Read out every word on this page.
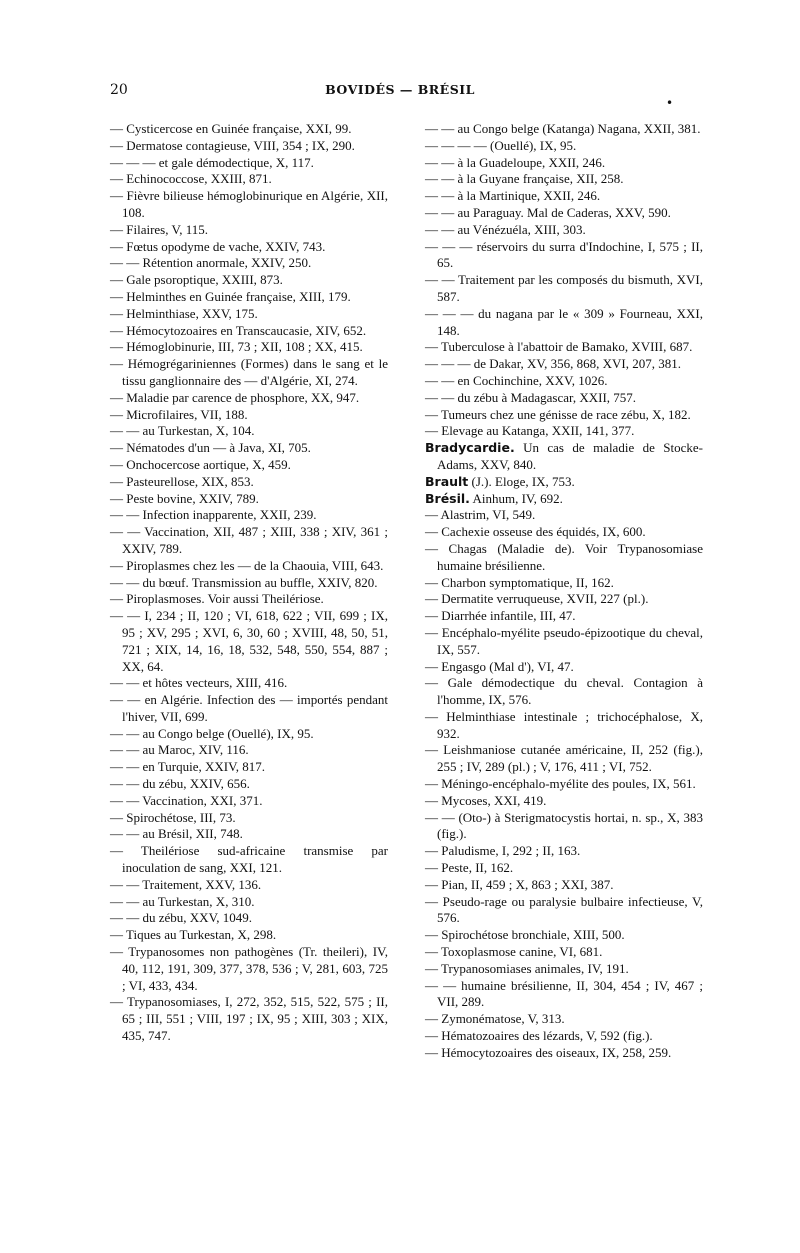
20	BOVIDÉS — BRÉSIL
•

— Cysticercose en Guinée française, XXI, 99.

— Dermatose contagieuse, VIII, 354 ; IX, 290.

— — — et gale démodectique, X, 117.

— Echinococcose, XXIII, 871.

— Fièvre bilieuse hémoglobinurique en Algérie, XII, 108.

— Filaires, V, 115.

— Fœtus opodyme de vache, XXIV, 743.

— — Rétention anormale, XXIV, 250.

— Gale psoroptique, XXIII, 873.

— Helminthes en Guinée française, XIII, 179.

— Helminthiase, XXV, 175.

— Hémocytozoaires en Transcaucasie, XIV, 652.

— Hémoglobinurie, III, 73 ; XII, 108 ; XX, 415.

— Hémogrégariniennes (Formes) dans le sang et le tissu ganglionnaire des — d'Algérie, XI, 274.

— Maladie par carence de phosphore, XX, 947.

— Microfilaires, VII, 188.

— — au Turkestan, X, 104.

— Nématodes d'un — à Java, XI, 705.

— Onchocercose aortique, X, 459.

— Pasteurellose, XIX, 853.

— Peste bovine, XXIV, 789.

— — Infection inapparente, XXII, 239.

— — Vaccination, XII, 487 ; XIII, 338 ; XIV, 361 ; XXIV, 789.

— Piroplasmes chez les — de la Chaouia, VIII, 643.

— — du bœuf. Transmission au buffle, XXIV, 820.

— Piroplasmoses. Voir aussi Theilériose.

— — I, 234 ; II, 120 ; VI, 618, 622 ; VII, 699 ; IX, 95 ; XV, 295 ; XVI, 6, 30, 60 ; XVIII, 48, 50, 51, 721 ; XIX, 14, 16, 18, 532, 548, 550, 554, 887 ; XX, 64.

— — et hôtes vecteurs, XIII, 416.

— — en Algérie. Infection des — importés pendant l'hiver, VII, 699.

— — au Congo belge (Ouellé), IX, 95.

— — au Maroc, XIV, 116.

— — en Turquie, XXIV, 817.

— — du zébu, XXIV, 656.

— — Vaccination, XXI, 371.

— Spirochétose, III, 73.

— — au Brésil, XII, 748.

— Theilériose sud-africaine transmise par inoculation de sang, XXI, 121.

— — Traitement, XXV, 136.

— — au Turkestan, X, 310.

— — du zébu, XXV, 1049.

— Tiques au Turkestan, X, 298.

— Trypanosomes non pathogènes (Tr. theileri), IV, 40, 112, 191, 309, 377, 378, 536 ; V, 281, 603, 725 ; VI, 433, 434.

— Trypanosomiases, I, 272, 352, 515, 522, 575 ; II, 65 ; III, 551 ; VIII, 197 ; IX, 95 ; XIII, 303 ; XIX, 435, 747.

— — au Congo belge (Katanga) Nagana, XXII, 381.

— — — — (Ouellé), IX, 95.

— — à la Guadeloupe, XXII, 246.

— — à la Guyane française, XII, 258.

— — à la Martinique, XXII, 246.

— — au Paraguay. Mal de Caderas, XXV, 590.

— — au Vénézuéla, XIII, 303.

— — — réservoirs du surra d'Indochine, I, 575 ; II, 65.

— — Traitement par les composés du bismuth, XVI, 587.

— — — du nagana par le « 309 » Fourneau, XXI, 148.

— Tuberculose à l'abattoir de Bamako, XVIII, 687.

— — — de Dakar, XV, 356, 868, XVI, 207, 381.

— — en Cochinchine, XXV, 1026.

— — du zébu à Madagascar, XXII, 757.

— Tumeurs chez une génisse de race zébu, X, 182.

— Elevage au Katanga, XXII, 141, 377.

Bradycardie. Un cas de maladie de Stocke-Adams, XXV, 840.

Brault (J.). Eloge, IX, 753.

Brésil. Ainhum, IV, 692.

— Alastrim, VI, 549.

— Cachexie osseuse des équidés, IX, 600.

— Chagas (Maladie de). Voir Trypanosomiase humaine brésilienne.

— Charbon symptomatique, II, 162.

— Dermatite verruqueuse, XVII, 227 (pl.).

— Diarrhée infantile, III, 47.

— Encéphalo-myélite pseudo-épizootique du cheval, IX, 557.

— Engasgo (Mal d'), VI, 47.

— Gale démodectique du cheval. Contagion à l'homme, IX, 576.

— Helminthiase intestinale ; trichocéphalose, X, 932.

— Leishmaniose cutanée américaine, II, 252 (fig.), 255 ; IV, 289 (pl.) ; V, 176, 411 ; VI, 752.

— Méningo-encéphalo-myélite des poules, IX, 561.

— Mycoses, XXI, 419.

— — (Oto-) à Sterigmatocystis hortai, n. sp., X, 383 (fig.).

— Paludisme, I, 292 ; II, 163.

— Peste, II, 162.

— Pian, II, 459 ; X, 863 ; XXI, 387.

— Pseudo-rage ou paralysie bulbaire infectieuse, V, 576.

— Spirochétose bronchiale, XIII, 500.

— Toxoplasmose canine, VI, 681.

— Trypanosomiases animales, IV, 191.

— — humaine brésilienne, II, 304, 454 ; IV, 467 ; VII, 289.

— Zymonématose, V, 313.

— Hématozoaires des lézards, V, 592 (fig.).

— Hémocytozoaires des oiseaux, IX, 258, 259.
